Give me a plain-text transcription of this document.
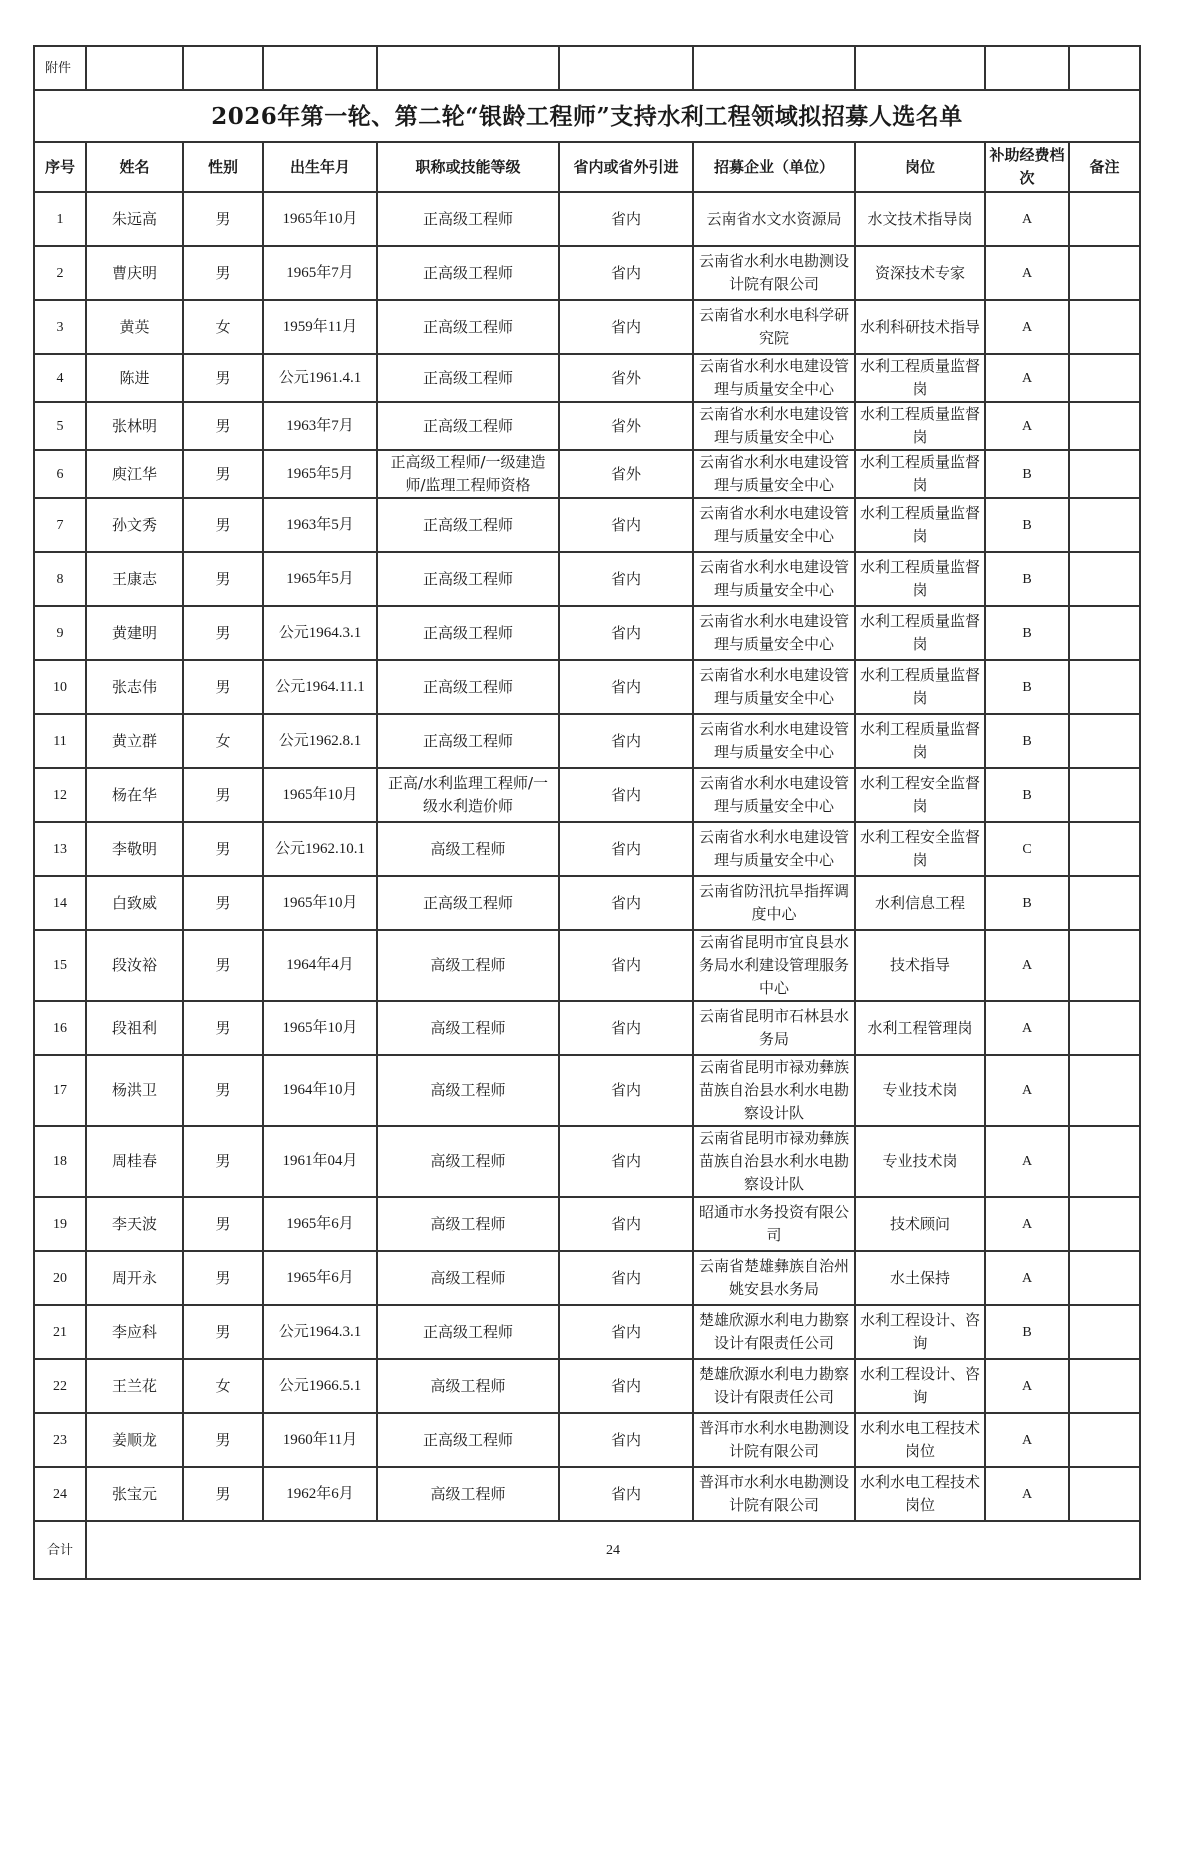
附件									
2026年第一轮、第二轮“银龄工程师”支持水利工程领域拟招募人选名单									
序号	姓名	性别	出生年月	职称或技能等级	省内或省外引进	招募企业（单位）	岗位	补助经费档次	备注
1	朱远高	男	1965年10月	正高级工程师	省内	云南省水文水资源局	水文技术指导岗	A	
2	曹庆明	男	1965年7月	正高级工程师	省内	云南省水利水电勘测设计院有限公司	资深技术专家	A	
3	黄英	女	1959年11月	正高级工程师	省内	云南省水利水电科学研究院	水利科研技术指导	A	
4	陈进	男	公元1961.4.1	正高级工程师	省外	云南省水利水电建设管理与质量安全中心	水利工程质量监督岗	A	
5	张林明	男	1963年7月	正高级工程师	省外	云南省水利水电建设管理与质量安全中心	水利工程质量监督岗	A	
6	庾江华	男	1965年5月	正高级工程师/一级建造师/监理工程师资格	省外	云南省水利水电建设管理与质量安全中心	水利工程质量监督岗	B	
7	孙文秀	男	1963年5月	正高级工程师	省内	云南省水利水电建设管理与质量安全中心	水利工程质量监督岗	B	
8	王康志	男	1965年5月	正高级工程师	省内	云南省水利水电建设管理与质量安全中心	水利工程质量监督岗	B	
9	黄建明	男	公元1964.3.1	正高级工程师	省内	云南省水利水电建设管理与质量安全中心	水利工程质量监督岗	B	
10	张志伟	男	公元1964.11.1	正高级工程师	省内	云南省水利水电建设管理与质量安全中心	水利工程质量监督岗	B	
11	黄立群	女	公元1962.8.1	正高级工程师	省内	云南省水利水电建设管理与质量安全中心	水利工程质量监督岗	B	
12	杨在华	男	1965年10月	正高/水利监理工程师/一级水利造价师	省内	云南省水利水电建设管理与质量安全中心	水利工程安全监督岗	B	
13	李敬明	男	公元1962.10.1	高级工程师	省内	云南省水利水电建设管理与质量安全中心	水利工程安全监督岗	C	
14	白致威	男	1965年10月	正高级工程师	省内	云南省防汛抗旱指挥调度中心	水利信息工程	B	
15	段汝裕	男	1964年4月	高级工程师	省内	云南省昆明市宜良县水务局水利建设管理服务中心	技术指导	A	
16	段祖利	男	1965年10月	高级工程师	省内	云南省昆明市石林县水务局	水利工程管理岗	A	
17	杨洪卫	男	1964年10月	高级工程师	省内	云南省昆明市禄劝彝族苗族自治县水利水电勘察设计队	专业技术岗	A	
18	周桂春	男	1961年04月	高级工程师	省内	云南省昆明市禄劝彝族苗族自治县水利水电勘察设计队	专业技术岗	A	
19	李天波	男	1965年6月	高级工程师	省内	昭通市水务投资有限公司	技术顾问	A	
20	周开永	男	1965年6月	高级工程师	省内	云南省楚雄彝族自治州姚安县水务局	水土保持	A	
21	李应科	男	公元1964.3.1	正高级工程师	省内	楚雄欣源水利电力勘察设计有限责任公司	水利工程设计、咨询	B	
22	王兰花	女	公元1966.5.1	高级工程师	省内	楚雄欣源水利电力勘察设计有限责任公司	水利工程设计、咨询	A	
23	姜顺龙	男	1960年11月	正高级工程师	省内	普洱市水利水电勘测设计院有限公司	水利水电工程技术岗位	A	
24	张宝元	男	1962年6月	高级工程师	省内	普洱市水利水电勘测设计院有限公司	水利水电工程技术岗位	A	
合计	24								
